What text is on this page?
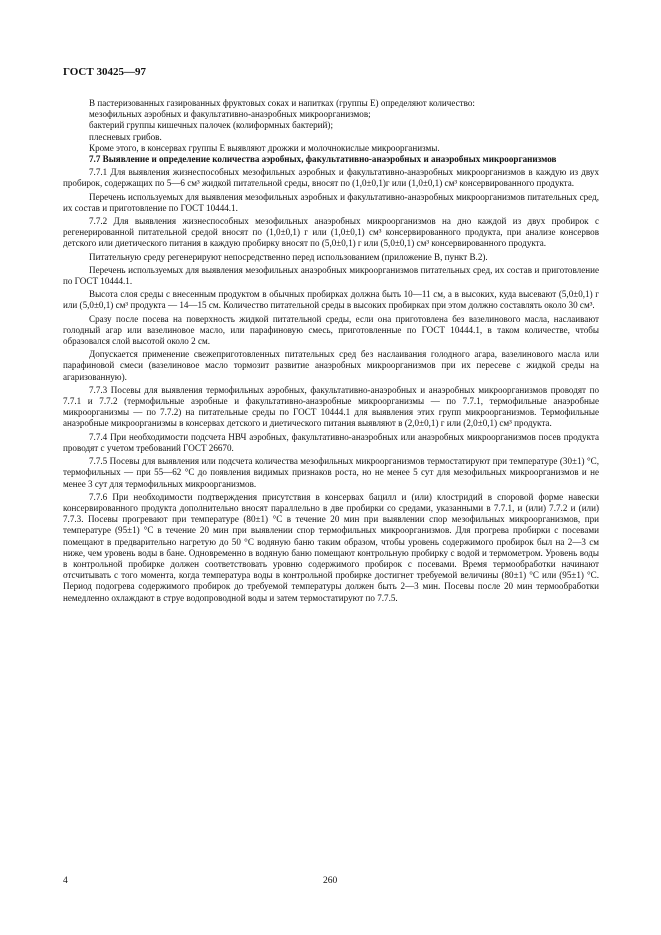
ГОСТ 30425—97

В пастеризованных газированных фруктовых соках и напитках (группы Е) определяют количество:

мезофильных аэробных и факультативно-анаэробных микроорганизмов;

бактерий группы кишечных палочек (колиформных бактерий);

плесневых грибов.

Кроме этого, в консервах группы Е выявляют дрожжи и молочнокислые микроорганизмы.

7.7 Выявление и определение количества аэробных, факультативно-анаэробных и анаэробных микроорганизмов

7.7.1 Для выявления жизнеспособных мезофильных аэробных и факультативно-анаэробных микроорганизмов в каждую из двух пробирок, содержащих по 5—6 см³ жидкой питательной среды, вносят по (1,0±0,1)г или (1,0±0,1) см³ консервированного продукта.

Перечень используемых для выявления мезофильных аэробных и факультативно-анаэробных микроорганизмов питательных сред, их состав и приготовление по ГОСТ 10444.1.

7.7.2 Для выявления жизнеспособных мезофильных анаэробных микроорганизмов на дно каждой из двух пробирок с регенерированной питательной средой вносят по (1,0±0,1) г или (1,0±0,1) см³ консервированного продукта, при анализе консервов детского или диетического питания в каждую пробирку вносят по (5,0±0,1) г или (5,0±0,1) см³ консервированного продукта.

Питательную среду регенерируют непосредственно перед использованием (приложение В, пункт В.2).

Перечень используемых для выявления мезофильных анаэробных микроорганизмов питательных сред, их состав и приготовление по ГОСТ 10444.1.

Высота слоя среды с внесенным продуктом в обычных пробирках должна быть 10—11 см, а в высоких, куда высевают (5,0±0,1) г или (5,0±0,1) см³ продукта — 14—15 см. Количество питательной среды в высоких пробирках при этом должно составлять около 30 см³.

Сразу после посева на поверхность жидкой питательной среды, если она приготовлена без вазелинового масла, наслаивают голодный агар или вазелиновое масло, или парафиновую смесь, приготовленные по ГОСТ 10444.1, в таком количестве, чтобы образовался слой высотой около 2 см.

Допускается применение свежеприготовленных питательных сред без наслаивания голодного агара, вазелинового масла или парафиновой смеси (вазелиновое масло тормозит развитие анаэробных микроорганизмов при их пересеве с жидкой среды на агаризованную).

7.7.3 Посевы для выявления термофильных аэробных, факультативно-анаэробных и анаэробных микроорганизмов проводят по 7.7.1 и 7.7.2 (термофильные аэробные и факультативно-анаэробные микроорганизмы — по 7.7.1, термофильные анаэробные микроорганизмы — по 7.7.2) на питательные среды по ГОСТ 10444.1 для выявления этих групп микроорганизмов. Термофильные анаэробные микроорганизмы в консервах детского и диетического питания выявляют в (2,0±0,1) г или (2,0±0,1) см³ продукта.

7.7.4 При необходимости подсчета НВЧ аэробных, факультативно-анаэробных или анаэробных микроорганизмов посев продукта проводят с учетом требований ГОСТ 26670.

7.7.5 Посевы для выявления или подсчета количества мезофильных микроорганизмов термостатируют при температуре (30±1) °С, термофильных — при 55—62 °С до появления видимых признаков роста, но не менее 5 сут для мезофильных микроорганизмов и не менее 3 сут для термофильных микроорганизмов.

7.7.6 При необходимости подтверждения присутствия в консервах бацилл и (или) клостридий в споровой форме навески консервированного продукта дополнительно вносят параллельно в две пробирки со средами, указанными в 7.7.1, и (или) 7.7.2 и (или) 7.7.3. Посевы прогревают при температуре (80±1) °С в течение 20 мин при выявлении спор мезофильных микроорганизмов, при температуре (95±1) °С в течение 20 мин при выявлении спор термофильных микроорганизмов. Для прогрева пробирки с посевами помещают в предварительно нагретую до 50 °С водяную баню таким образом, чтобы уровень содержимого пробирок был на 2—3 см ниже, чем уровень воды в бане. Одновременно в водяную баню помещают контрольную пробирку с водой и термометром. Уровень воды в контрольной пробирке должен соответствовать уровню содержимого пробирок с посевами. Время термообработки начинают отсчитывать с того момента, когда температура воды в контрольной пробирке достигнет требуемой величины (80±1) °С или (95±1) °С. Период подогрева содержимого пробирок до требуемой температуры должен быть 2—3 мин. Посевы после 20 мин термообработки немедленно охлаждают в струе водопроводной воды и затем термостатируют по 7.7.5.

4	260
